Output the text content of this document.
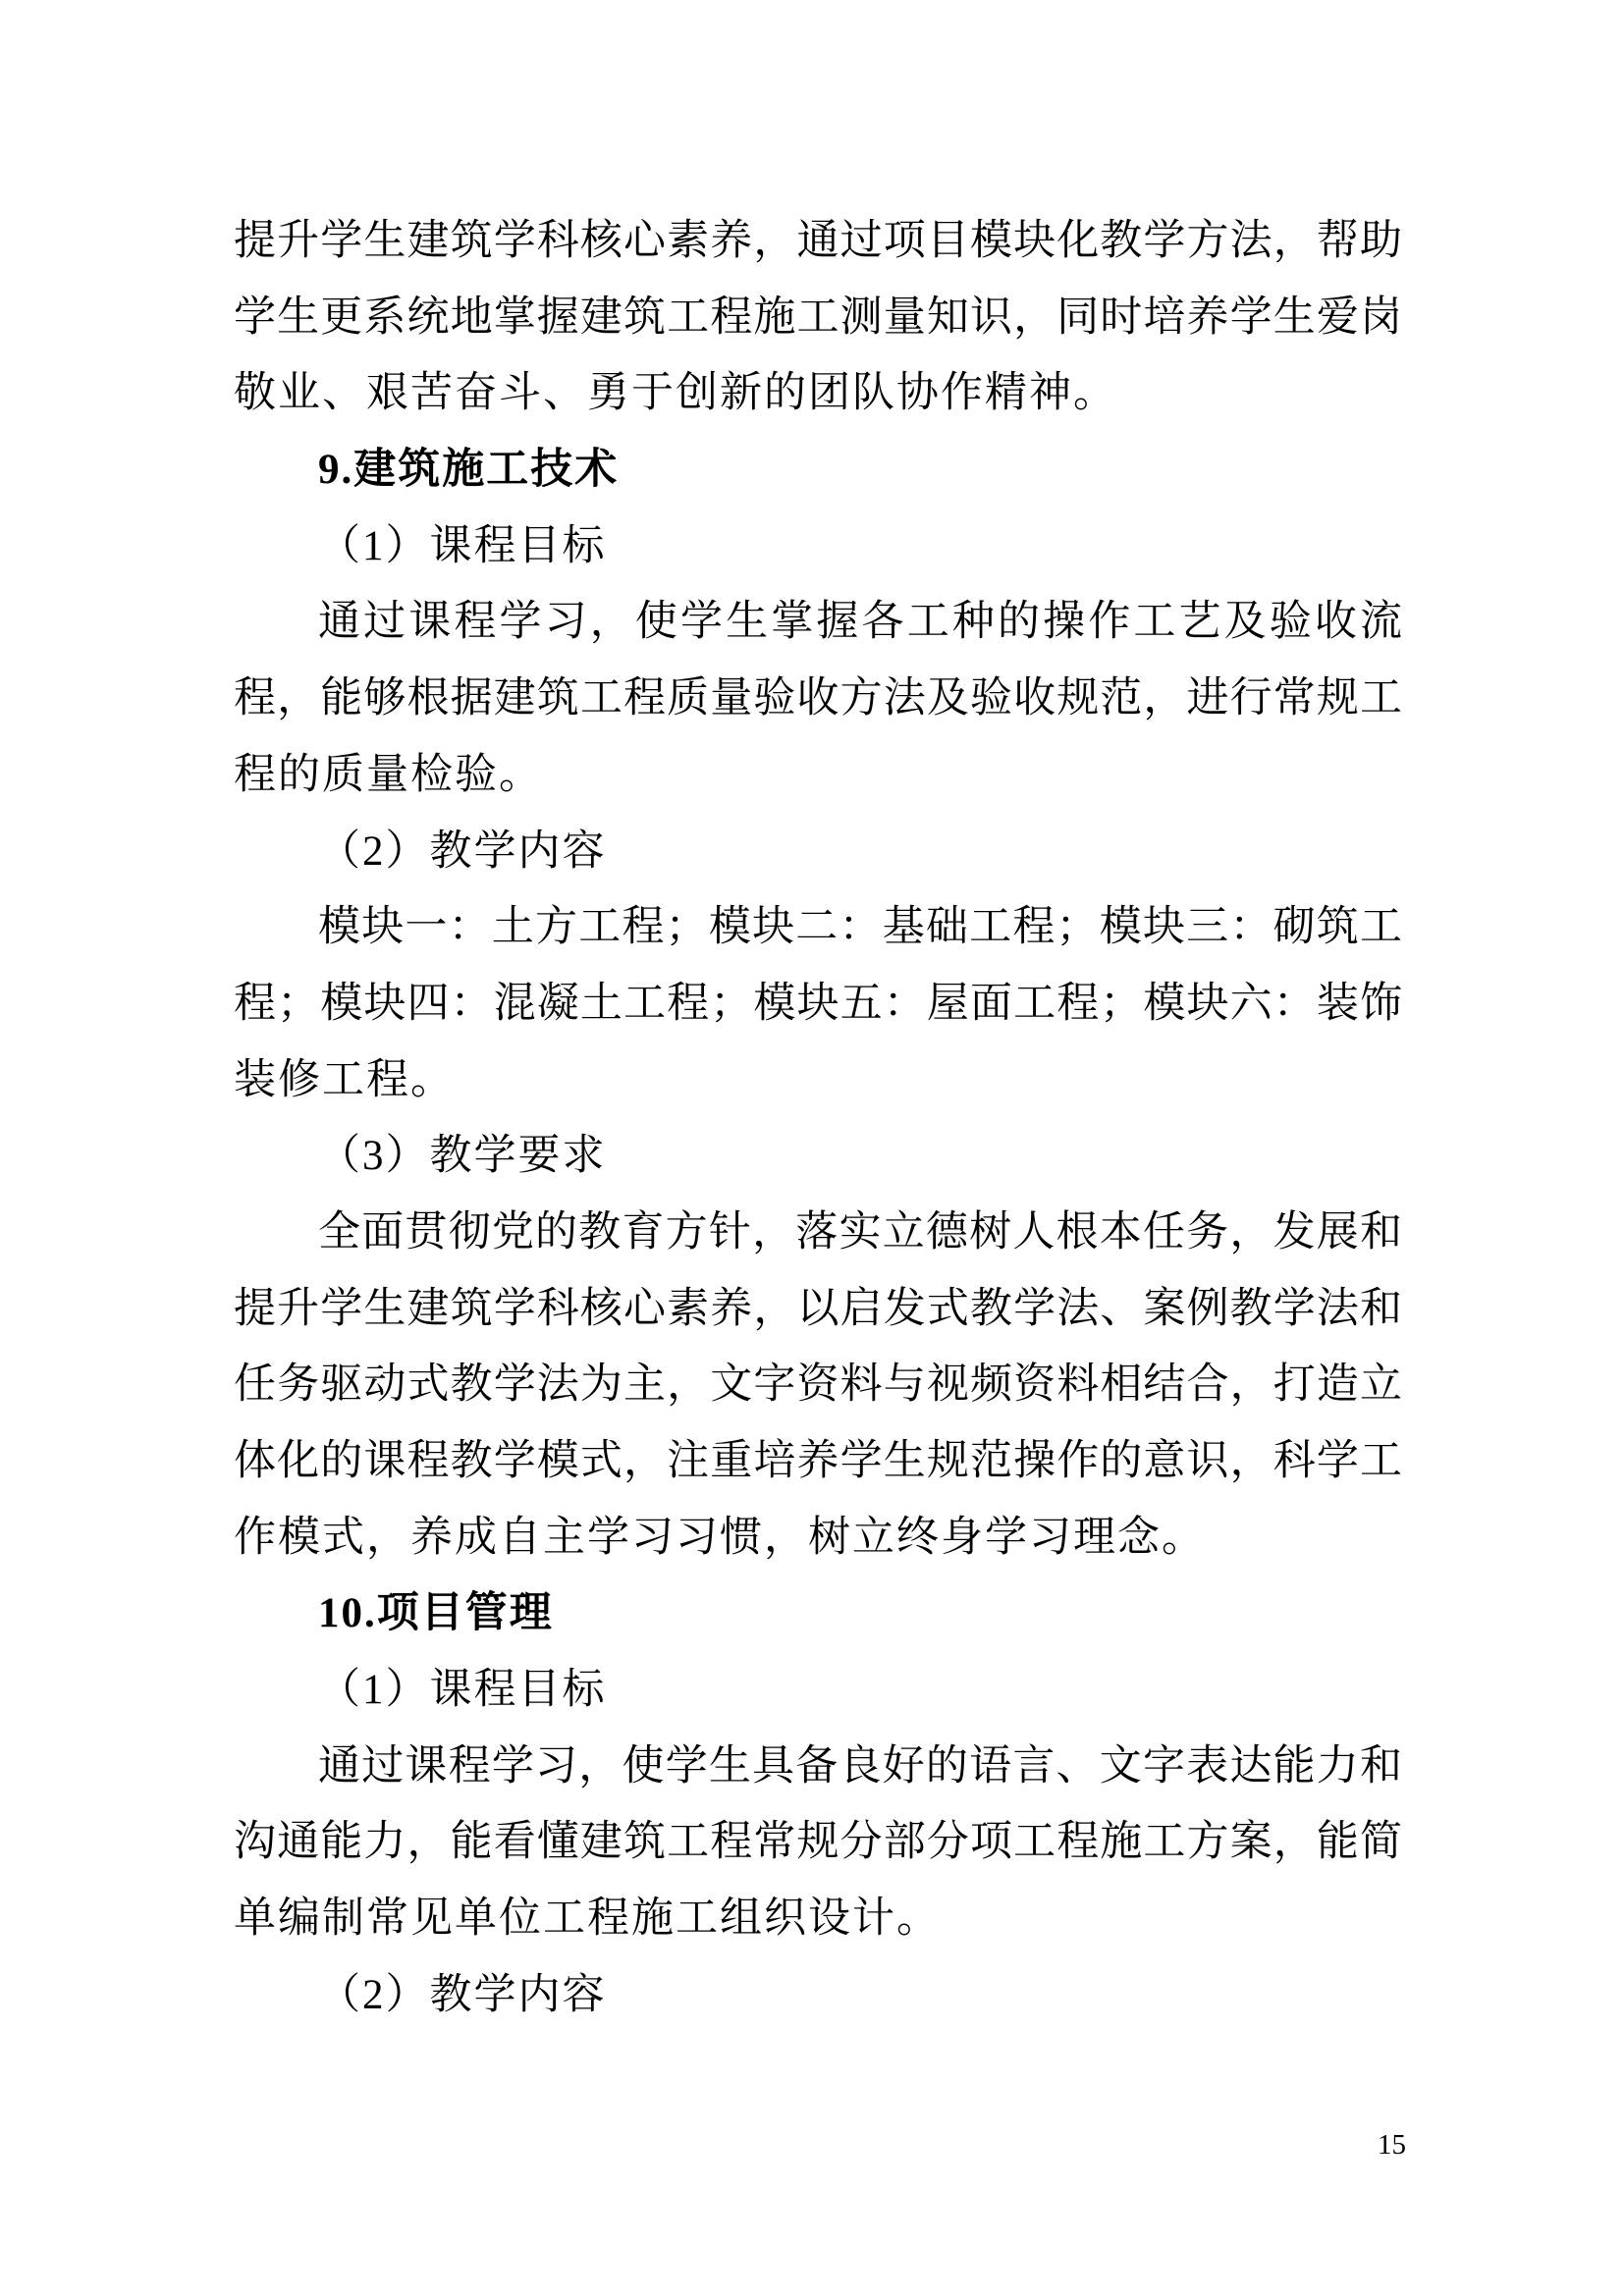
提升学生建筑学科核心素养，通过项目模块化教学方法，帮助
学生更系统地掌握建筑工程施工测量知识，同时培养学生爱岗
敬业、艰苦奋斗、勇于创新的团队协作精神。
9.建筑施工技术
（1）课程目标
通过课程学习，使学生掌握各工种的操作工艺及验收流
程，能够根据建筑工程质量验收方法及验收规范，进行常规工
程的质量检验。
（2）教学内容
模块一：土方工程；模块二：基础工程；模块三：砌筑工
程；模块四：混凝土工程；模块五：屋面工程；模块六：装饰
装修工程。
（3）教学要求
全面贯彻党的教育方针，落实立德树人根本任务，发展和
提升学生建筑学科核心素养，以启发式教学法、案例教学法和
任务驱动式教学法为主，文字资料与视频资料相结合，打造立
体化的课程教学模式，注重培养学生规范操作的意识，科学工
作模式，养成自主学习习惯，树立终身学习理念。
10.项目管理
（1）课程目标
通过课程学习，使学生具备良好的语言、文字表达能力和
沟通能力，能看懂建筑工程常规分部分项工程施工方案，能简
单编制常见单位工程施工组织设计。
（2）教学内容
15
